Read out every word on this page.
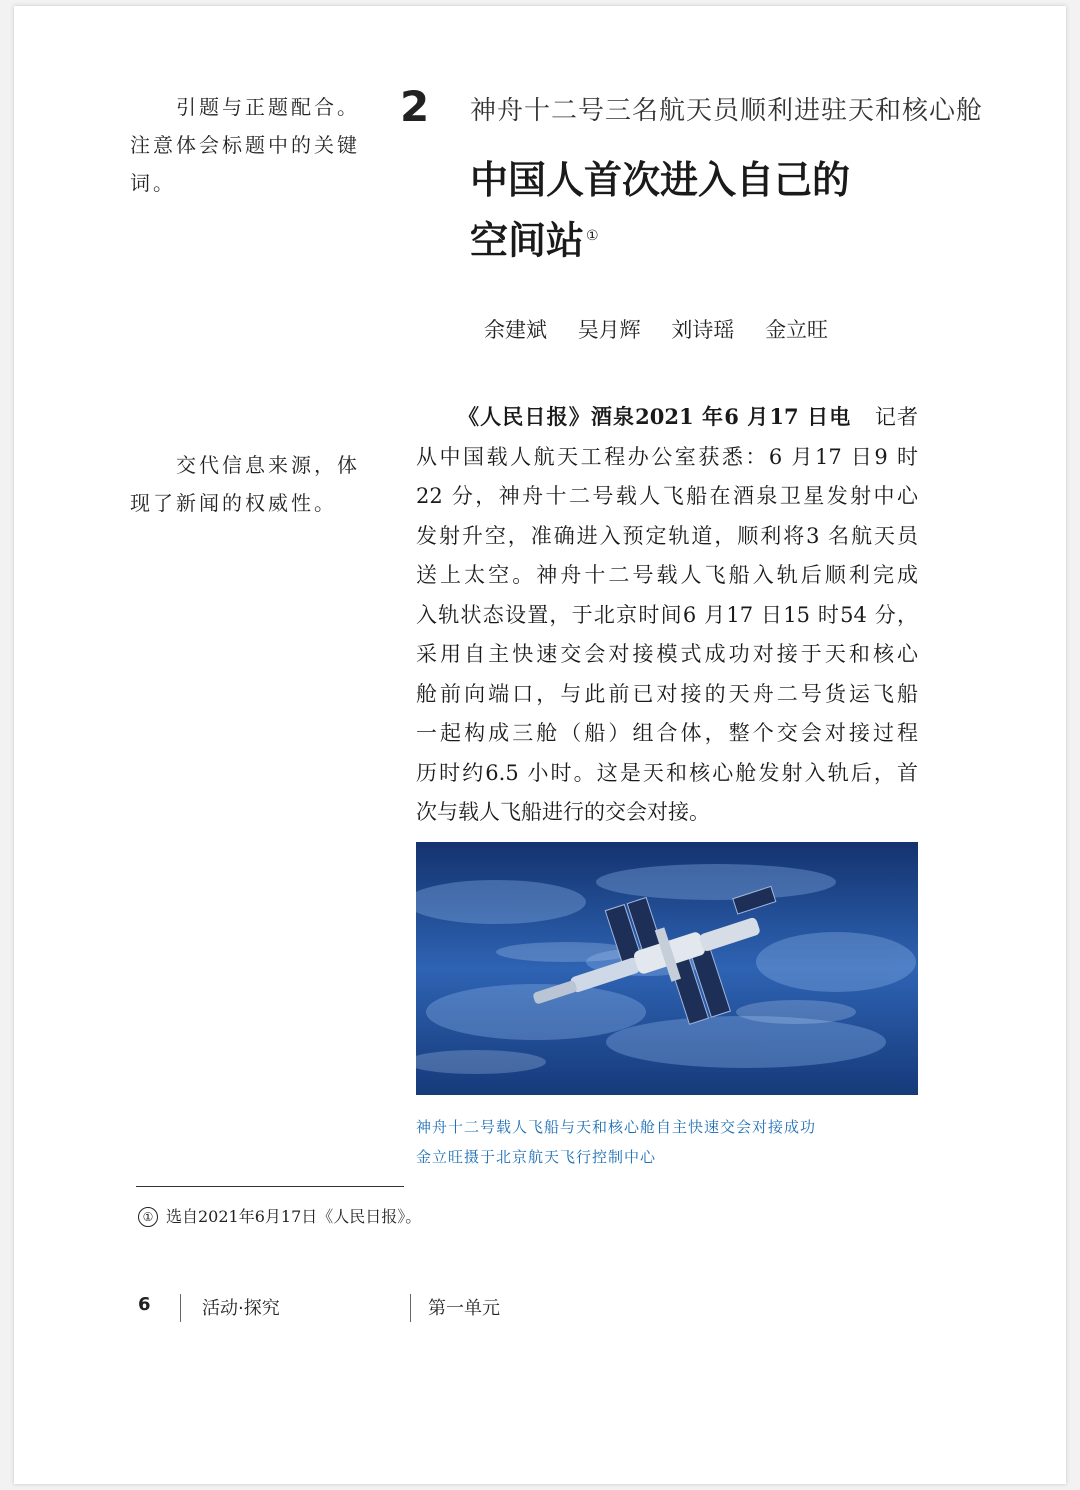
引题与正题配合。注意体会标题中的关键词。
交代信息来源，体现了新闻的权威性。
2 神舟十二号三名航天员顺利进驻天和核心舱
中国人首次进入自己的
空间站 ①
余建斌 吴月辉 刘诗瑶 金立旺
《人民日报》酒泉2021 年6 月17 日电 记者
从中国载人航天工程办公室获悉：6 月17 日9 时
22 分，神舟十二号载人飞船在酒泉卫星发射中心
发射升空，准确进入预定轨道，顺利将3 名航天员
送上太空。神舟十二号载人飞船入轨后顺利完成
入轨状态设置，于北京时间6 月17 日15 时54 分，
采用自主快速交会对接模式成功对接于天和核心
舱前向端口，与此前已对接的天舟二号货运飞船
一起构成三舱（船）组合体，整个交会对接过程
历时约6.5 小时。这是天和核心舱发射入轨后，首
次与载人飞船进行的交会对接。
神舟十二号载人飞船与天和核心舱自主快速交会对接成功
金立旺摄于北京航天飞行控制中心
① 选自2021年6月17日《人民日报》。
6	活动·探究	第一单元
